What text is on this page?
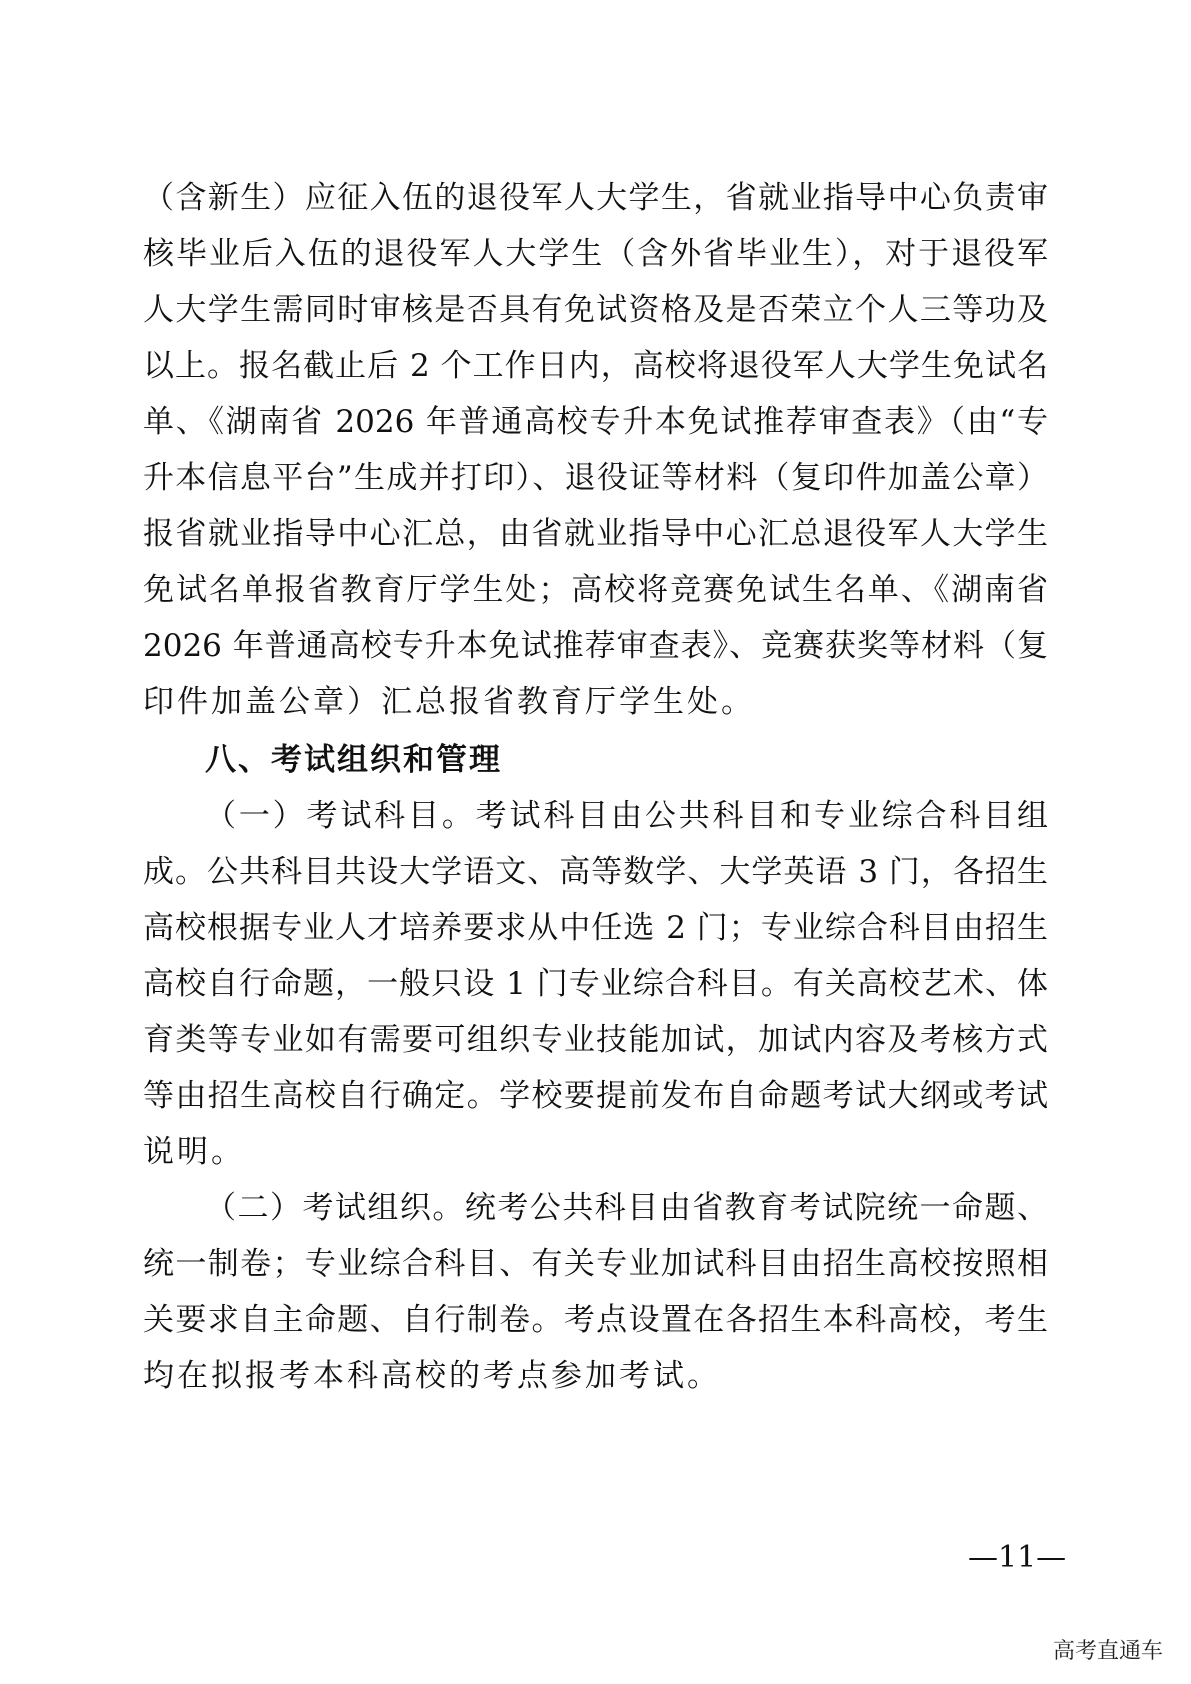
（含新生）应征入伍的退役军人大学生，省就业指导中心负责审
核毕业后入伍的退役军人大学生（含外省毕业生），对于退役军
人大学生需同时审核是否具有免试资格及是否荣立个人三等功及
以上。报名截止后 2 个工作日内，高校将退役军人大学生免试名
单、《湖南省 2026 年普通高校专升本免试推荐审查表》（由“专
升本信息平台”生成并打印）、退役证等材料（复印件加盖公章）
报省就业指导中心汇总，由省就业指导中心汇总退役军人大学生
免试名单报省教育厅学生处；高校将竞赛免试生名单、《湖南省
2026 年普通高校专升本免试推荐审查表》、竞赛获奖等材料（复
印件加盖公章）汇总报省教育厅学生处。
八、考试组织和管理
（一）考试科目。考试科目由公共科目和专业综合科目组
成。公共科目共设大学语文、高等数学、大学英语 3 门，各招生
高校根据专业人才培养要求从中任选 2 门；专业综合科目由招生
高校自行命题，一般只设 1 门专业综合科目。有关高校艺术、体
育类等专业如有需要可组织专业技能加试，加试内容及考核方式
等由招生高校自行确定。学校要提前发布自命题考试大纲或考试
说明。
（二）考试组织。统考公共科目由省教育考试院统一命题、
统一制卷；专业综合科目、有关专业加试科目由招生高校按照相
关要求自主命题、自行制卷。考点设置在各招生本科高校，考生
均在拟报考本科高校的考点参加考试。
—11—
高考直通车
